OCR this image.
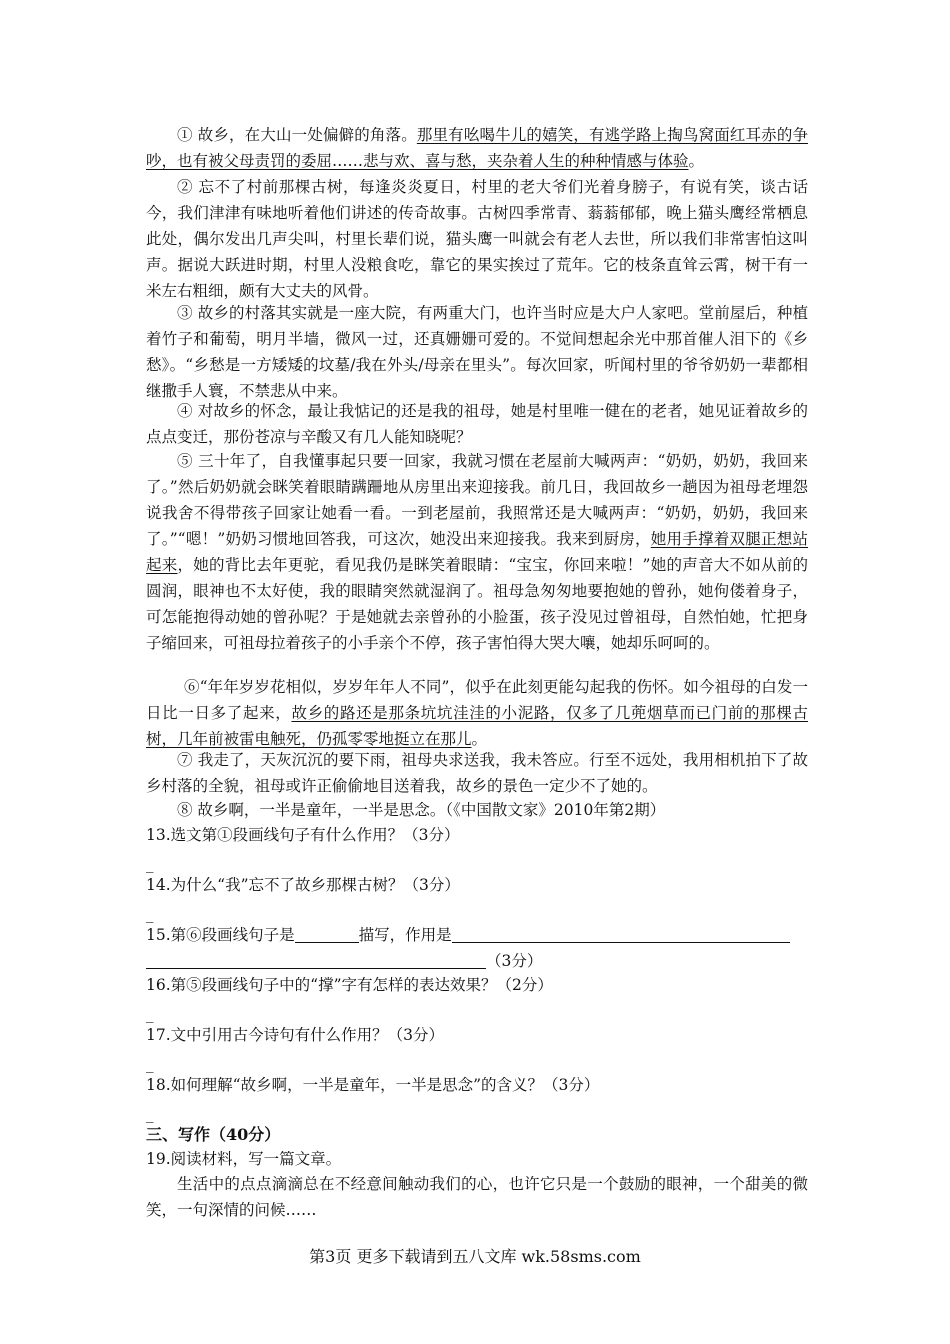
① 故乡，在大山一处偏僻的角落。那里有吆喝牛儿的嬉笑，有逃学路上掏鸟窝面红耳赤的争吵，也有被父母责罚的委屈……悲与欢、喜与愁，夹杂着人生的种种情感与体验。

② 忘不了村前那棵古树，每逢炎炎夏日，村里的老大爷们光着身膀子，有说有笑，谈古话今，我们津津有味地听着他们讲述的传奇故事。古树四季常青、蓊蓊郁郁，晚上猫头鹰经常栖息此处，偶尔发出几声尖叫，村里长辈们说，猫头鹰一叫就会有老人去世，所以我们非常害怕这叫声。据说大跃进时期，村里人没粮食吃，靠它的果实挨过了荒年。它的枝条直耸云霄，树干有一米左右粗细，颇有大丈夫的风骨。

③ 故乡的村落其实就是一座大院，有两重大门，也许当时应是大户人家吧。堂前屋后，种植着竹子和葡萄，明月半墙，微风一过，还真姗姗可爱的。不觉间想起余光中那首催人泪下的《乡愁》。“乡愁是一方矮矮的坟墓/我在外头/母亲在里头”。每次回家，听闻村里的爷爷奶奶一辈都相继撒手人寰，不禁悲从中来。

④ 对故乡的怀念，最让我惦记的还是我的祖母，她是村里唯一健在的老者，她见证着故乡的点点变迁，那份苍凉与辛酸又有几人能知晓呢？

⑤ 三十年了，自我懂事起只要一回家，我就习惯在老屋前大喊两声：“奶奶，奶奶，我回来了。”然后奶奶就会眯笑着眼睛蹒跚地从房里出来迎接我。前几日，我回故乡一趟因为祖母老埋怨说我舍不得带孩子回家让她看一看。一到老屋前，我照常还是大喊两声：“奶奶，奶奶，我回来了。”“嗯！”奶奶习惯地回答我，可这次，她没出来迎接我。我来到厨房，她用手撑着双腿正想站起来，她的背比去年更驼，看见我仍是眯笑着眼睛：“宝宝，你回来啦！”她的声音大不如从前的圆润，眼神也不太好使，我的眼睛突然就湿润了。祖母急匆匆地要抱她的曾孙，她佝偻着身子，可怎能抱得动她的曾孙呢？于是她就去亲曾孙的小脸蛋，孩子没见过曾祖母，自然怕她，忙把身子缩回来，可祖母拉着孩子的小手亲个不停，孩子害怕得大哭大嚷，她却乐呵呵的。

⑥“年年岁岁花相似，岁岁年年人不同”，似乎在此刻更能勾起我的伤怀。如今祖母的白发一日比一日多了起来，故乡的路还是那条坑坑洼洼的小泥路，仅多了几蔸烟草而已门前的那棵古树，几年前被雷电触死，仍孤零零地挺立在那儿。

⑦ 我走了，天灰沉沉的要下雨，祖母央求送我，我未答应。行至不远处，我用相机拍下了故乡村落的全貌，祖母或许正偷偷地目送着我，故乡的景色一定少不了她的。

⑧ 故乡啊，一半是童年，一半是思念。（《中国散文家》2010年第2期）

13.选文第①段画线句子有什么作用？（3分）

_

14.为什么“我”忘不了故乡那棵古树？（3分）

_

15.第⑥段画线句子是	描写，作用是
（3分）

16.第⑤段画线句子中的“撑”字有怎样的表达效果？（2分）

_

17.文中引用古今诗句有什么作用？（3分）

_

18.如何理解“故乡啊，一半是童年，一半是思念”的含义？（3分）

_

三、写作（40分）

19.阅读材料，写一篇文章。

生活中的点点滴滴总在不经意间触动我们的心，也许它只是一个鼓励的眼神，一个甜美的微笑，一句深情的问候……

第3页 更多下载请到五八文库 wk.58sms.com
